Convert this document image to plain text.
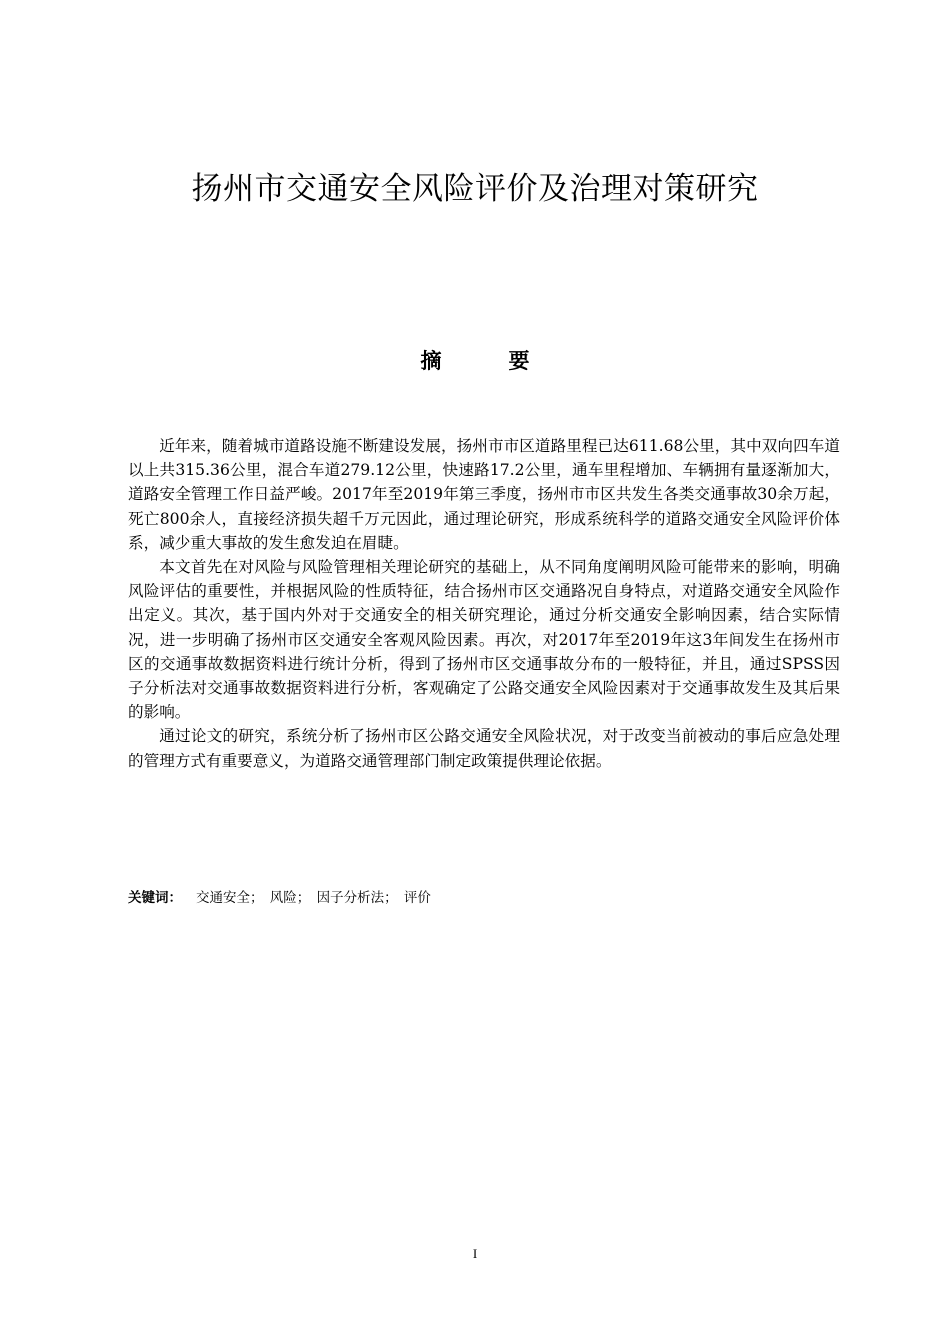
扬州市交通安全风险评价及治理对策研究
摘　要

近年来，随着城市道路设施不断建设发展，扬州市市区道路里程已达611.68公里，其中双向四车道以上共315.36公里，混合车道279.12公里，快速路17.2公里，通车里程增加、车辆拥有量逐渐加大，道路安全管理工作日益严峻。2017年至2019年第三季度，扬州市市区共发生各类交通事故30余万起，死亡800余人，直接经济损失超千万元因此，通过理论研究，形成系统科学的道路交通安全风险评价体系，减少重大事故的发生愈发迫在眉睫。

本文首先在对风险与风险管理相关理论研究的基础上，从不同角度阐明风险可能带来的影响，明确风险评估的重要性，并根据风险的性质特征，结合扬州市区交通路况自身特点，对道路交通安全风险作出定义。其次，基于国内外对于交通安全的相关研究理论，通过分析交通安全影响因素，结合实际情况，进一步明确了扬州市区交通安全客观风险因素。再次，对2017年至2019年这3年间发生在扬州市区的交通事故数据资料进行统计分析，得到了扬州市区交通事故分布的一般特征，并且，通过SPSS因子分析法对交通事故数据资料进行分析，客观确定了公路交通安全风险因素对于交通事故发生及其后果的影响。

通过论文的研究，系统分析了扬州市区公路交通安全风险状况，对于改变当前被动的事后应急处理的管理方式有重要意义，为道路交通管理部门制定政策提供理论依据。

关键词： 交通安全； 风险； 因子分析法； 评价
I
